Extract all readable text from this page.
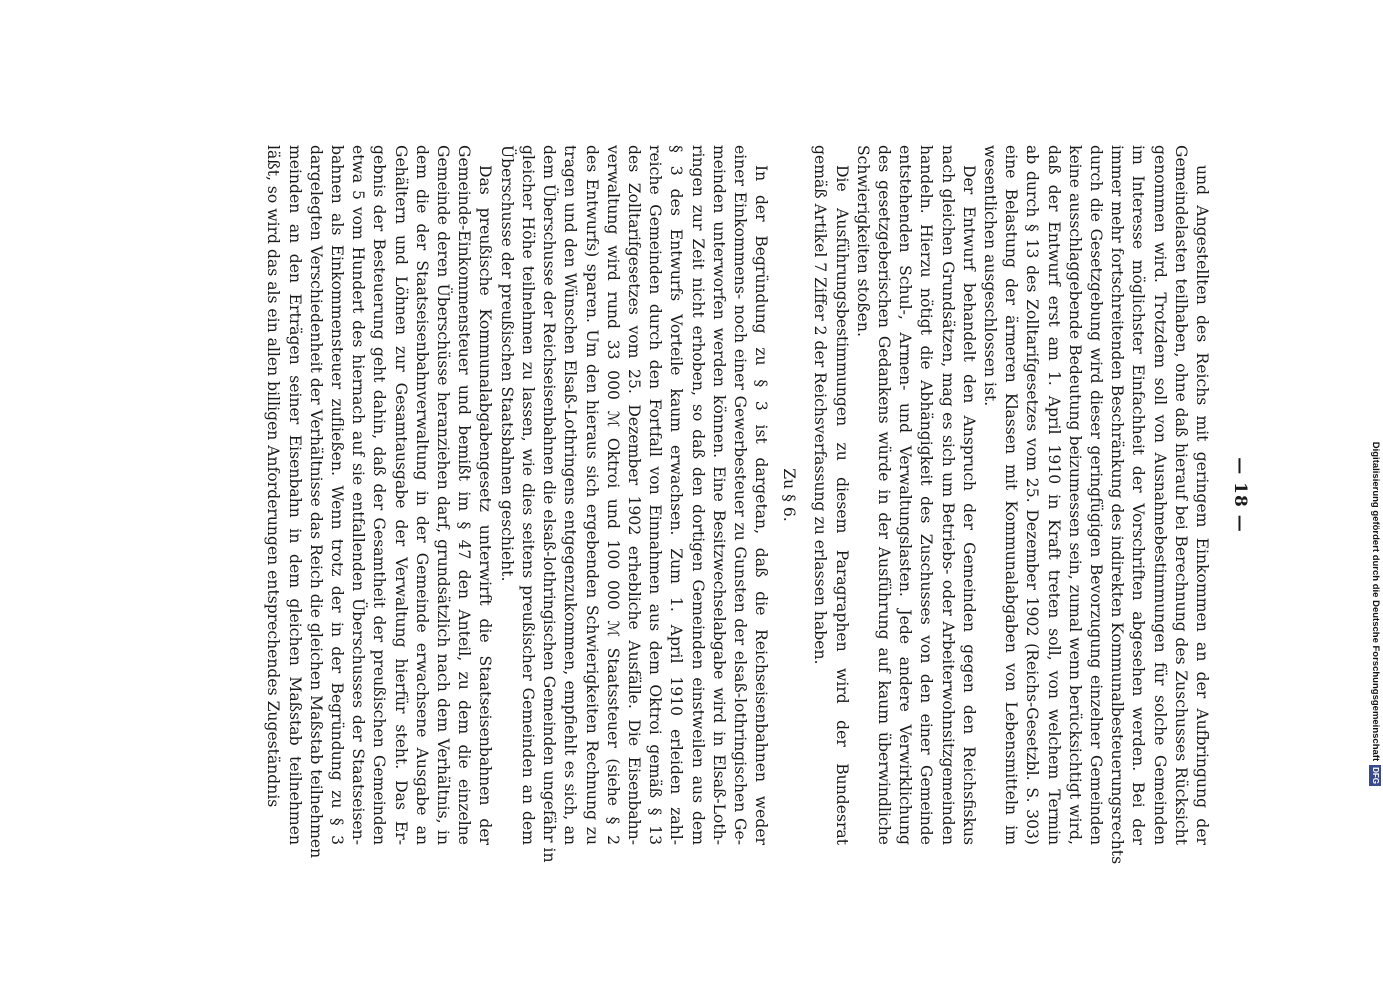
— 18 —
und Angestellten des Reichs mit geringem Einkommen an der Aufbringung der
Gemeindelasten teilhaben, ohne daß hierauf bei Berechnung des Zuschusses Rücksicht
genommen wird. Trotzdem soll von Ausnahmebestimmungen für solche Gemeinden
im Interesse möglichster Einfachheit der Vorschriften abgesehen werden. Bei der
immer mehr fortschreitenden Beschränkung des indirekten Kommunalbesteuerungsrechts
durch die Gesetzgebung wird dieser geringfügigen Bevorzugung einzelner Gemeinden
keine ausschlaggebende Bedeutung beizumessen sein, zumal wenn berücksichtigt wird,
daß der Entwurf erst am 1. April 1910 in Kraft treten soll, von welchem Termin
ab durch § 13 des Zolltarifgesetzes vom 25. Dezember 1902 (Reichs-Gesetzbl. S. 303)
eine Belastung der ärmeren Klassen mit Kommunalabgaben von Lebensmitteln im
wesentlichen ausgeschlossen ist.
Der Entwurf behandelt den Anspruch der Gemeinden gegen den Reichsfiskus
nach gleichen Grundsätzen, mag es sich um Betriebs- oder Arbeiterwohnsitzgemeinden
handeln. Hierzu nötigt die Abhängigkeit des Zuschusses von den einer Gemeinde
entstehenden Schul-, Armen- und Verwaltungslasten. Jede andere Verwirklichung
des gesetzgeberischen Gedankens würde in der Ausführung auf kaum überwindliche
Schwierigkeiten stoßen.
Die Ausführungsbestimmungen zu diesem Paragraphen wird der Bundesrat
gemäß Artikel 7 Ziffer 2 der Reichsverfassung zu erlassen haben.
Zu § 6.
In der Begründung zu § 3 ist dargetan, daß die Reichseisenbahnen weder
einer Einkommens- noch einer Gewerbesteuer zu Gunsten der elsaß-lothringischen Ge-
meinden unterworfen werden können. Eine Besitzwechselabgabe wird in Elsaß-Loth-
ringen zur Zeit nicht erhoben, so daß den dortigen Gemeinden einstweilen aus dem
§ 3 des Entwurfs Vorteile kaum erwachsen. Zum 1. April 1910 erleiden zahl-
reiche Gemeinden durch den Fortfall von Einnahmen aus dem Oktroi gemäß § 13
des Zolltarifgesetzes vom 25. Dezember 1902 erhebliche Ausfälle. Die Eisenbahn-
verwaltung wird rund 33 000 ℳ Oktroi und 100 000 ℳ Staatssteuer (siehe § 2
des Entwurfs) sparen. Um den hieraus sich ergebenden Schwierigkeiten Rechnung zu
tragen und den Wünschen Elsaß-Lothringens entgegenzukommen, empfiehlt es sich, an
dem Überschusse der Reichseisenbahnen die elsaß-lothringischen Gemeinden ungefähr in
gleicher Höhe teilnehmen zu lassen, wie dies seitens preußischer Gemeinden an dem
Überschusse der preußischen Staatsbahnen geschieht.
Das preußische Kommunalabgabengesetz unterwirft die Staatseisenbahnen der
Gemeinde-Einkommensteuer und bemißt im § 47 den Anteil, zu dem die einzelne
Gemeinde deren Überschüsse heranziehen darf, grundsätzlich nach dem Verhältnis, in
dem die der Staatseisenbahnverwaltung in der Gemeinde erwachsene Ausgabe an
Gehältern und Löhnen zur Gesamtausgabe der Verwaltung hierfür steht. Das Er-
gebnis der Besteuerung geht dahin, daß der Gesamtheit der preußischen Gemeinden
etwa 5 vom Hundert des hiernach auf sie entfallenden Überschusses der Staatseisen-
bahnen als Einkommensteuer zufließen. Wenn trotz der in der Begründung zu § 3
dargelegten Verschiedenheit der Verhältnisse das Reich die gleichen Maßstab teilnehmen
meinden an den Erträgen seiner Eisenbahn in dem gleichen Maßstab teilnehmen
läßt, so wird das als ein allen billigen Anforderungen entsprechendes Zugeständnis	DFG
Digitalisierung gefördert durch die Deutsche Forschungsgemeinschaft
